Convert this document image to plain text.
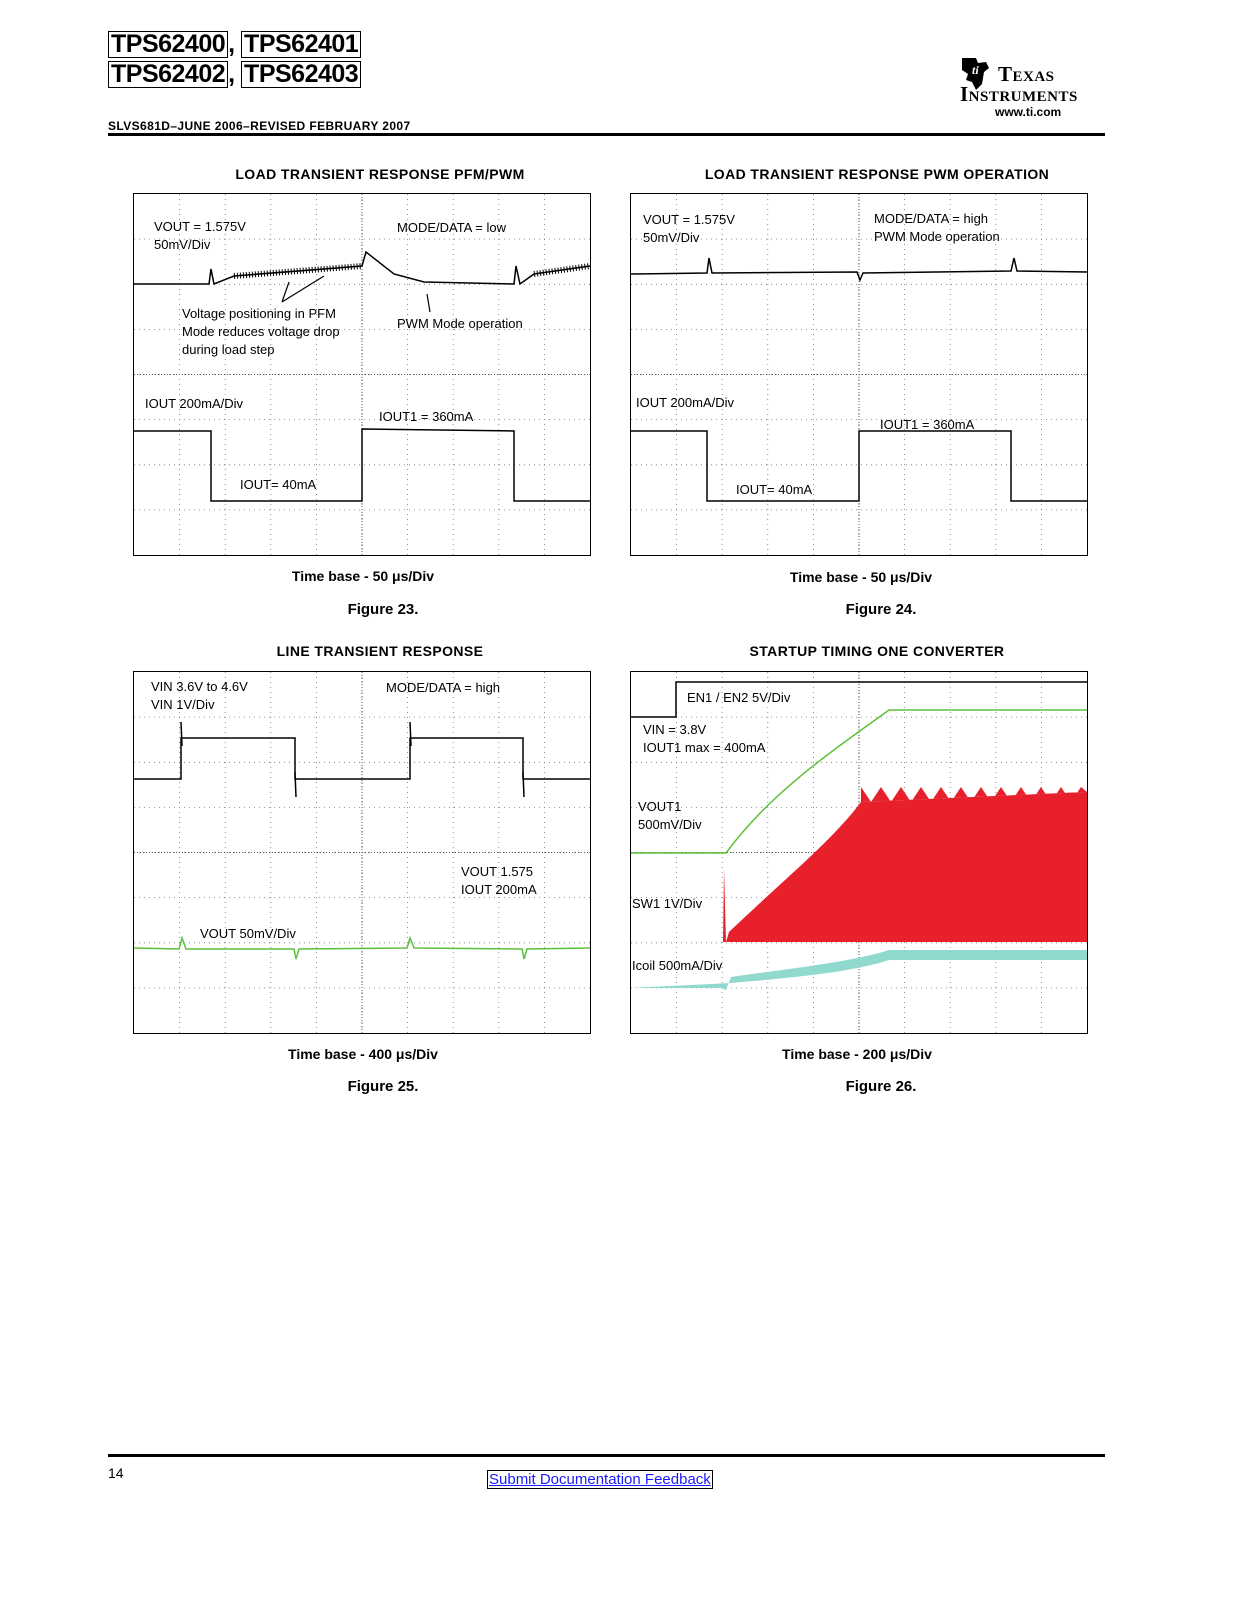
TPS62400 , TPS62401
TPS62402 , TPS62403
SLVS681D–JUNE 2006–REVISED FEBRUARY 2007
ti Texas
Instruments
www.ti.com
LOAD TRANSIENT RESPONSE PFM/PWM
VOUT = 1.575V
50mV/Div
MODE/DATA = low
Voltage positioning in PFM
Mode reduces voltage drop
during load step
PWM Mode operation
IOUT 200mA/Div
IOUT1 = 360mA
IOUT= 40mA
Time base - 50 μs/Div
Figure 23.
LOAD TRANSIENT RESPONSE PWM OPERATION
VOUT = 1.575V
50mV/Div
MODE/DATA = high
PWM Mode operation
IOUT 200mA/Div
IOUT1 = 360mA
IOUT= 40mA
Time base - 50 μs/Div
Figure 24.
LINE TRANSIENT RESPONSE
VIN 3.6V to 4.6V
VIN 1V/Div
MODE/DATA = high
VOUT 1.575
IOUT 200mA
VOUT 50mV/Div
Time base - 400 μs/Div
Figure 25.
STARTUP TIMING ONE CONVERTER
EN1 / EN2 5V/Div
VIN = 3.8V
IOUT1 max = 400mA
VOUT1
500mV/Div
SW1 1V/Div
Icoil 500mA/Div
Time base - 200 μs/Div
Figure 26.
14	Submit Documentation Feedback
